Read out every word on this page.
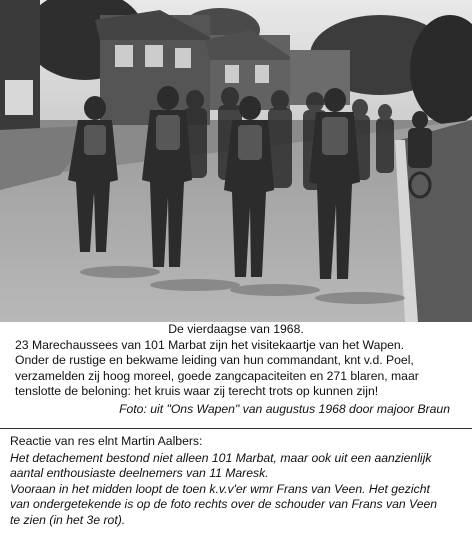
De vierdaagse van 1968.
23 Marechaussees van 101 Marbat zijn het visitekaartje van het Wapen.
Onder de rustige en bekwame leiding van hun commandant, knt v.d. Poel,
verzamelden zij hoog moreel, goede zangcapaciteiten en 271 blaren, maar
tenslotte de beloning: het kruis waar zij terecht trots op kunnen zijn!
Foto: uit "Ons Wapen" van augustus 1968 door majoor Braun
Reactie van res elnt Martin Aalbers:
Het detachement bestond niet alleen 101 Marbat, maar ook uit een aanzienlijk
aantal enthousiaste deelnemers van 11 Maresk.
Vooraan in het midden loopt de toen k.v.v'er wmr Frans van Veen. Het gezicht
van ondergetekende is op de foto rechts over de schouder van Frans van Veen
te zien (in het 3e rot).
